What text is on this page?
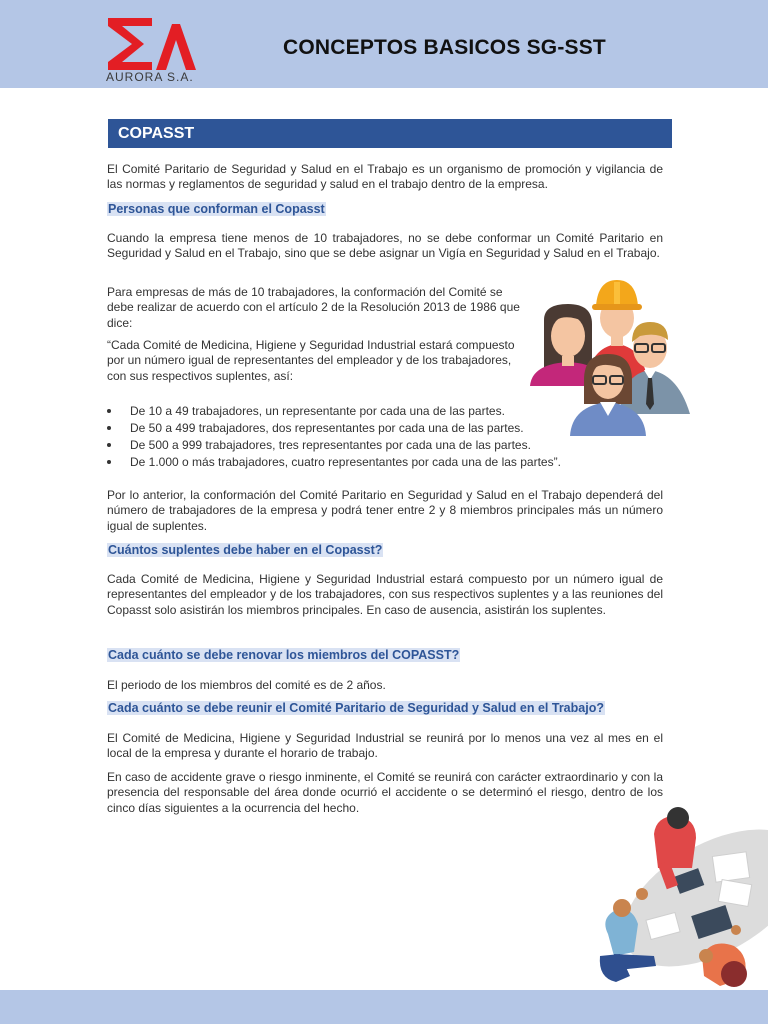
AURORA S.A.
CONCEPTOS BASICOS SG-SST
COPASST

El Comité Paritario de Seguridad y Salud en el Trabajo es un organismo de promoción y vigilancia de las normas y reglamentos de seguridad y salud en el trabajo dentro de la empresa.

Personas que conforman el Copasst

Cuando la empresa tiene menos de 10 trabajadores, no se debe conformar un Comité Paritario en Seguridad y Salud en el Trabajo, sino que se debe asignar un Vigía en Seguridad y Salud en el Trabajo.

Para empresas de más de 10 trabajadores, la conformación del Comité se debe realizar de acuerdo con el artículo 2 de la Resolución 2013 de 1986 que dice:

“Cada Comité de Medicina, Higiene y Seguridad Industrial estará compuesto por un número igual de representantes del empleador y de los trabajadores, con sus respectivos suplentes, así:

De 10 a 49 trabajadores, un representante por cada una de las partes.
De 50 a 499 trabajadores, dos representantes por cada una de las partes.
De 500 a 999 trabajadores, tres representantes por cada una de las partes.
De 1.000 o más trabajadores, cuatro representantes por cada una de las partes”.

Por lo anterior, la conformación del Comité Paritario en Seguridad y Salud en el Trabajo dependerá del número de trabajadores de la empresa y podrá tener entre 2 y 8 miembros principales más un número igual de suplentes.

Cuántos suplentes debe haber en el Copasst?

Cada Comité de Medicina, Higiene y Seguridad Industrial estará compuesto por un número igual de representantes del empleador y de los trabajadores, con sus respectivos suplentes y a las reuniones del Copasst solo asistirán los miembros principales. En caso de ausencia, asistirán los suplentes.

Cada cuánto se debe renovar los miembros del COPASST?

El periodo de los miembros del comité es de 2 años.

Cada cuánto se debe reunir el Comité Paritario de Seguridad y Salud en el Trabajo?

El Comité de Medicina, Higiene y Seguridad Industrial se reunirá por lo menos una vez al mes en el local de la empresa y durante el horario de trabajo.

En caso de accidente grave o riesgo inminente, el Comité se reunirá con carácter extraordinario y con la presencia del responsable del área donde ocurrió el accidente o se determinó el riesgo, dentro de los cinco días siguientes a la ocurrencia del hecho.
